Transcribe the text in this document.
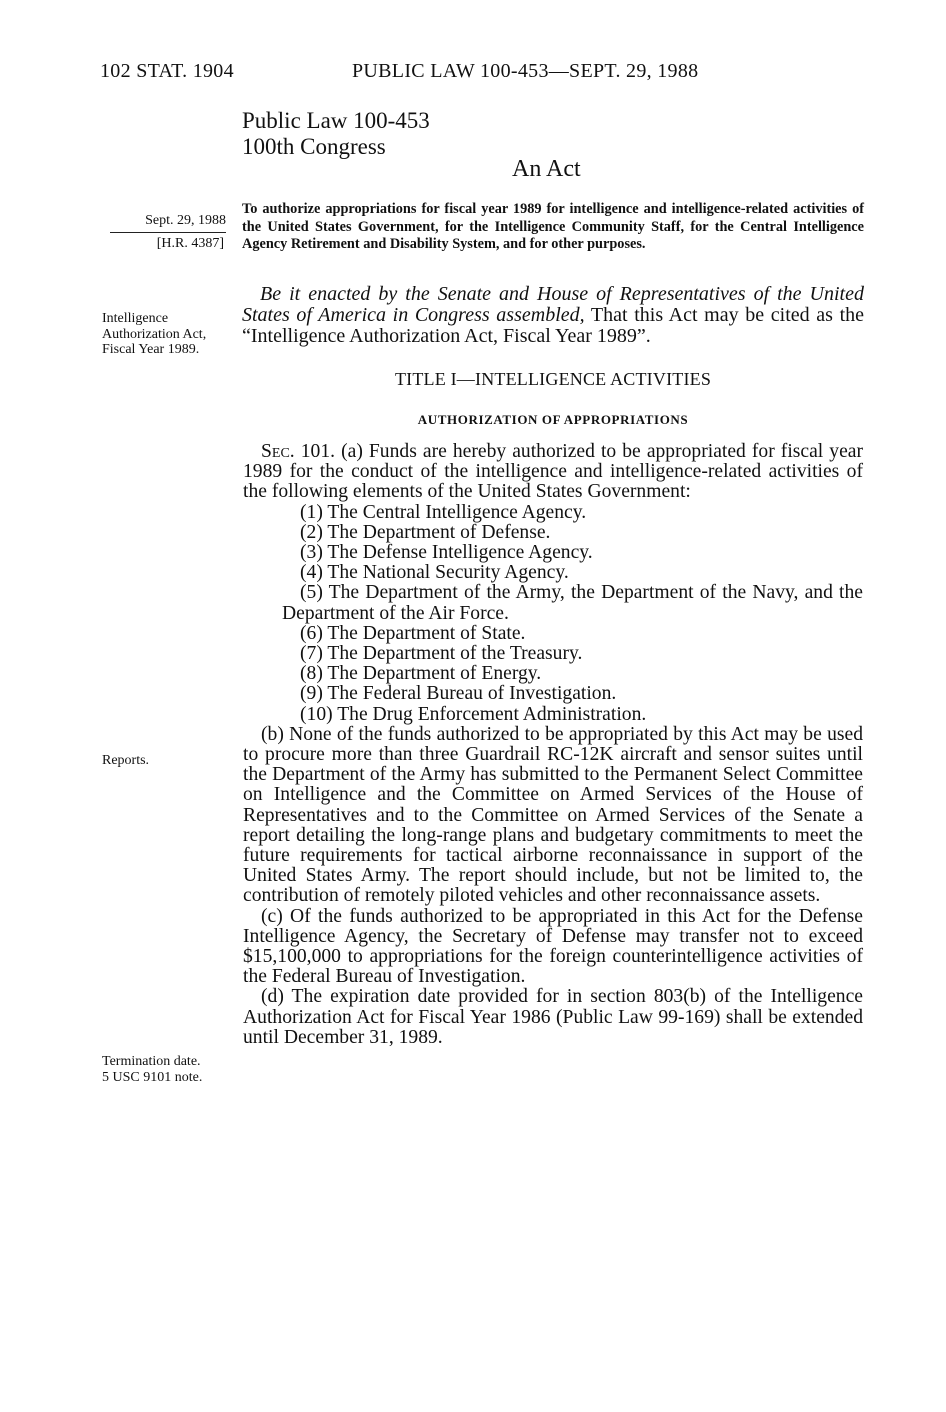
102 STAT. 1904	PUBLIC LAW 100-453—SEPT. 29, 1988
Public Law 100-453
100th Congress
An Act
Sept. 29, 1988
[H.R. 4387]
Intelligence Authorization Act, Fiscal Year 1989.
Reports.
Termination date.
5 USC 9101 note.
To authorize appropriations for fiscal year 1989 for intelligence and intelligence-related activities of the United States Government, for the Intelligence Community Staff, for the Central Intelligence Agency Retirement and Disability System, and for other purposes.
Be it enacted by the Senate and House of Representatives of the United States of America in Congress assembled, That this Act may be cited as the “Intelligence Authorization Act, Fiscal Year 1989”.
TITLE I—INTELLIGENCE ACTIVITIES
AUTHORIZATION OF APPROPRIATIONS

Sec. 101. (a) Funds are hereby authorized to be appropriated for fiscal year 1989 for the conduct of the intelligence and intelligence-related activities of the following elements of the United States Government:

(1) The Central Intelligence Agency.

(2) The Department of Defense.

(3) The Defense Intelligence Agency.

(4) The National Security Agency.

(5) The Department of the Army, the Department of the Navy, and the Department of the Air Force.

(6) The Department of State.

(7) The Department of the Treasury.

(8) The Department of Energy.

(9) The Federal Bureau of Investigation.

(10) The Drug Enforcement Administration.

(b) None of the funds authorized to be appropriated by this Act may be used to procure more than three Guardrail RC-12K aircraft and sensor suites until the Department of the Army has submitted to the Permanent Select Committee on Intelligence and the Committee on Armed Services of the House of Representatives and to the Committee on Armed Services of the Senate a report detailing the long-range plans and budgetary commitments to meet the future requirements for tactical airborne reconnaissance in support of the United States Army. The report should include, but not be limited to, the contribution of remotely piloted vehicles and other reconnaissance assets.

(c) Of the funds authorized to be appropriated in this Act for the Defense Intelligence Agency, the Secretary of Defense may transfer not to exceed $15,100,000 to appropriations for the foreign counterintelligence activities of the Federal Bureau of Investigation.

(d) The expiration date provided for in section 803(b) of the Intelligence Authorization Act for Fiscal Year 1986 (Public Law 99-169) shall be extended until December 31, 1989.
